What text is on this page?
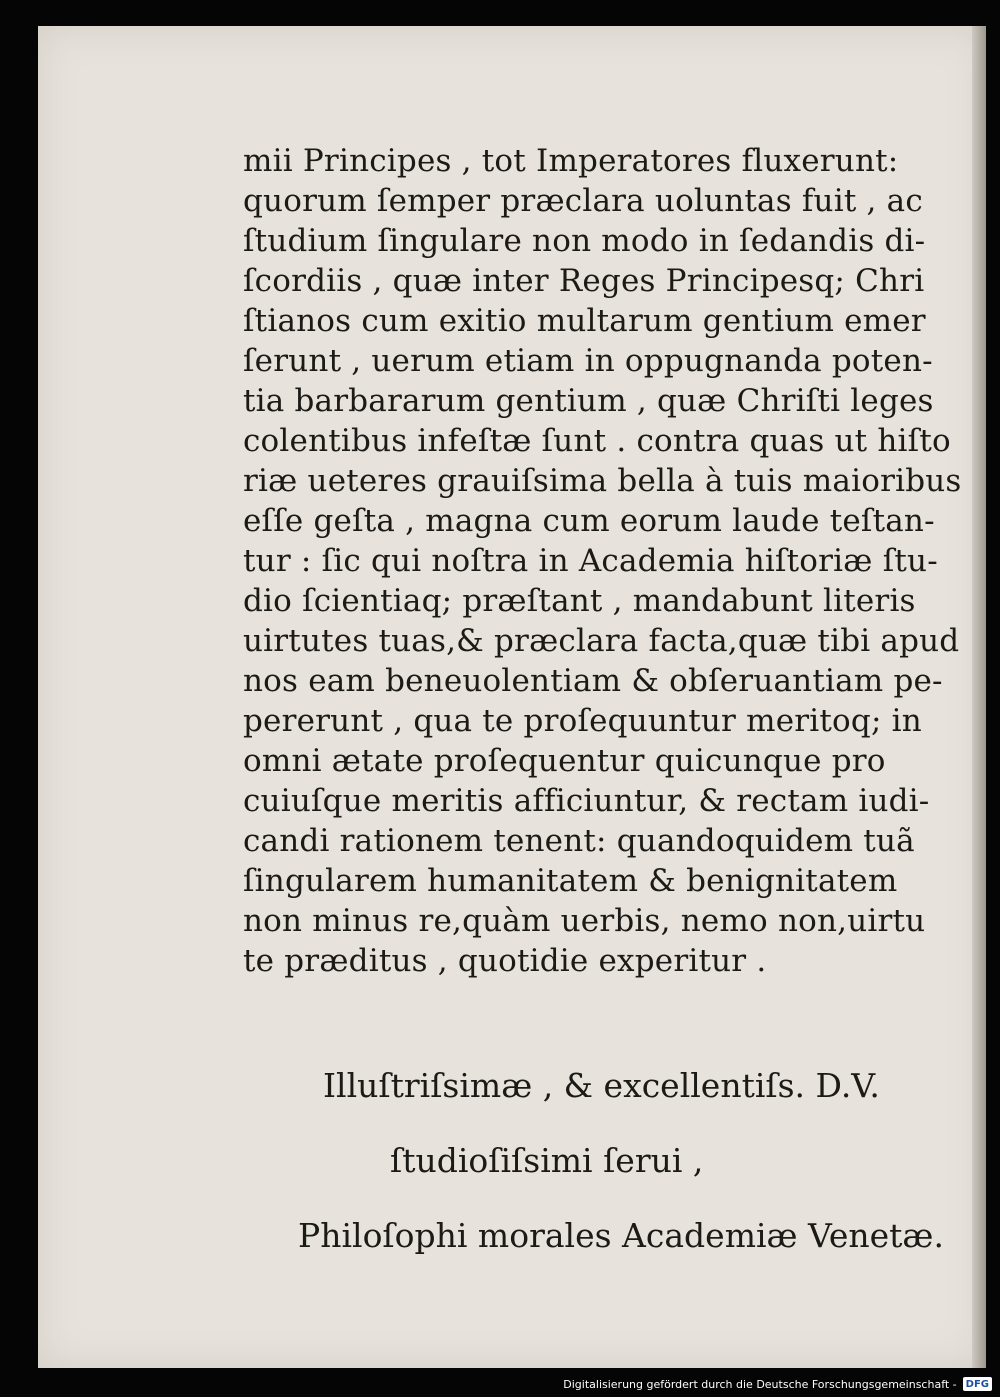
mii Principes , tot Imperatores fluxerunt:
quorum ſemper præclara uoluntas fuit , ac
ſtudium ſingulare non modo in ſedandis di-
ſcordiis , quæ inter Reges Principesq; Chri
ſtianos cum exitio multarum gentium emer
ſerunt , uerum etiam in oppugnanda poten-
tia barbararum gentium , quæ Chriſti leges
colentibus infeſtæ ſunt . contra quas ut hiſto
riæ ueteres grauiſsima bella à tuis maioribus
eſſe geſta , magna cum eorum laude teſtan-
tur : ſic qui noſtra in Academia hiſtoriæ ſtu-
dio ſcientiaq; præſtant , mandabunt literis
uirtutes tuas,& præclara facta,quæ tibi apud
nos eam beneuolentiam & obſeruantiam pe-
pererunt , qua te proſequuntur meritoq; in
omni ætate proſequentur quicunque pro
cuiuſque meritis afficiuntur, & rectam iudi-
candi rationem tenent: quandoquidem tuã
ſingularem humanitatem & benignitatem
non minus re,quàm uerbis, nemo non,uirtu
te præditus , quotidie experitur .
Illuſtriſsimæ , & excellentiſs. D.V.
ſtudioſiſsimi ſerui ,
Philoſophi morales Academiæ Venetæ.
Digitalisierung gefördert durch die Deutsche Forschungsgemeinschaft - DFG
